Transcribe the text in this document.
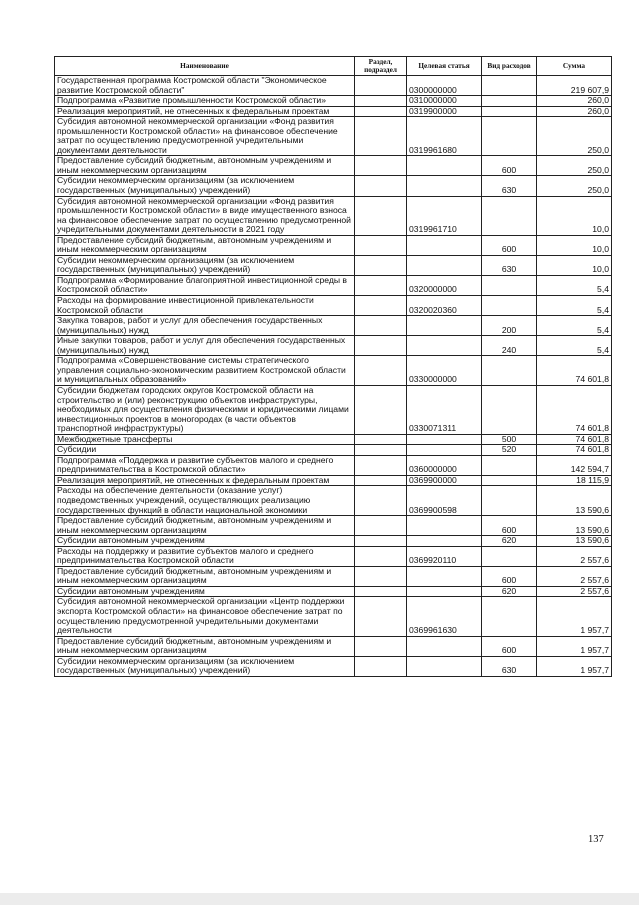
Наименование	Раздел, подраздел	Целевая статья	Вид расходов	Сумма
Государственная программа Костромской области "Экономическое развитие Костромской области"		0300000000		219 607,9
Подпрограмма «Развитие промышленности Костромской области»		0310000000		260,0
Реализация мероприятий, не отнесенных к федеральным проектам		0319900000		260,0
Субсидия автономной некоммерческой организации «Фонд развития промышленности Костромской области» на финансовое обеспечение затрат по осуществлению предусмотренной учредительными документами деятельности		0319961680		250,0
Предоставление субсидий бюджетным, автономным учреждениям и иным некоммерческим организациям			600	250,0
Субсидии некоммерческим организациям (за исключением государственных (муниципальных) учреждений)			630	250,0
Субсидия автономной некоммерческой организации «Фонд развития промышленности Костромской области» в виде имущественного взноса на финансовое обеспечение затрат по осуществлению предусмотренной учредительными документами деятельности в 2021 году		0319961710		10,0
Предоставление субсидий бюджетным, автономным учреждениям и иным некоммерческим организациям			600	10,0
Субсидии некоммерческим организациям (за исключением государственных (муниципальных) учреждений)			630	10,0
Подпрограмма «Формирование благоприятной инвестиционной среды в Костромской области»		0320000000		5,4
Расходы на формирование инвестиционной привлекательности Костромской области		0320020360		5,4
Закупка товаров, работ и услуг для обеспечения государственных (муниципальных) нужд			200	5,4
Иные закупки товаров, работ и услуг для обеспечения государственных (муниципальных) нужд			240	5,4
Подпрограмма «Совершенствование системы стратегического управления социально-экономическим развитием Костромской области и муниципальных образований»		0330000000		74 601,8
Субсидии бюджетам городских округов Костромской области на строительство и (или) реконструкцию объектов инфраструктуры, необходимых для осуществления физическими и юридическими лицами инвестиционных проектов в моногородах (в части объектов транспортной инфраструктуры)		0330071311		74 601,8
Межбюджетные трансферты			500	74 601,8
Субсидии			520	74 601,8
Подпрограмма «Поддержка и развитие субъектов малого и среднего предпринимательства в Костромской области»		0360000000		142 594,7
Реализация мероприятий, не отнесенных к федеральным проектам		0369900000		18 115,9
Расходы на обеспечение деятельности (оказание услуг) подведомственных учреждений, осуществляющих реализацию государственных функций в области национальной экономики		0369900598		13 590,6
Предоставление субсидий бюджетным, автономным учреждениям и иным некоммерческим организациям			600	13 590,6
Субсидии автономным учреждениям			620	13 590,6
Расходы на поддержку и развитие субъектов малого и среднего предпринимательства Костромской области		0369920110		2 557,6
Предоставление субсидий бюджетным, автономным учреждениям и иным некоммерческим организациям			600	2 557,6
Субсидии автономным учреждениям			620	2 557,6
Субсидия автономной некоммерческой организации «Центр поддержки экспорта Костромской области» на финансовое обеспечение затрат по осуществлению предусмотренной учредительными документами деятельности		0369961630		1 957,7
Предоставление субсидий бюджетным, автономным учреждениям и иным некоммерческим организациям			600	1 957,7
Субсидии некоммерческим организациям (за исключением государственных (муниципальных) учреждений)			630	1 957,7
137
